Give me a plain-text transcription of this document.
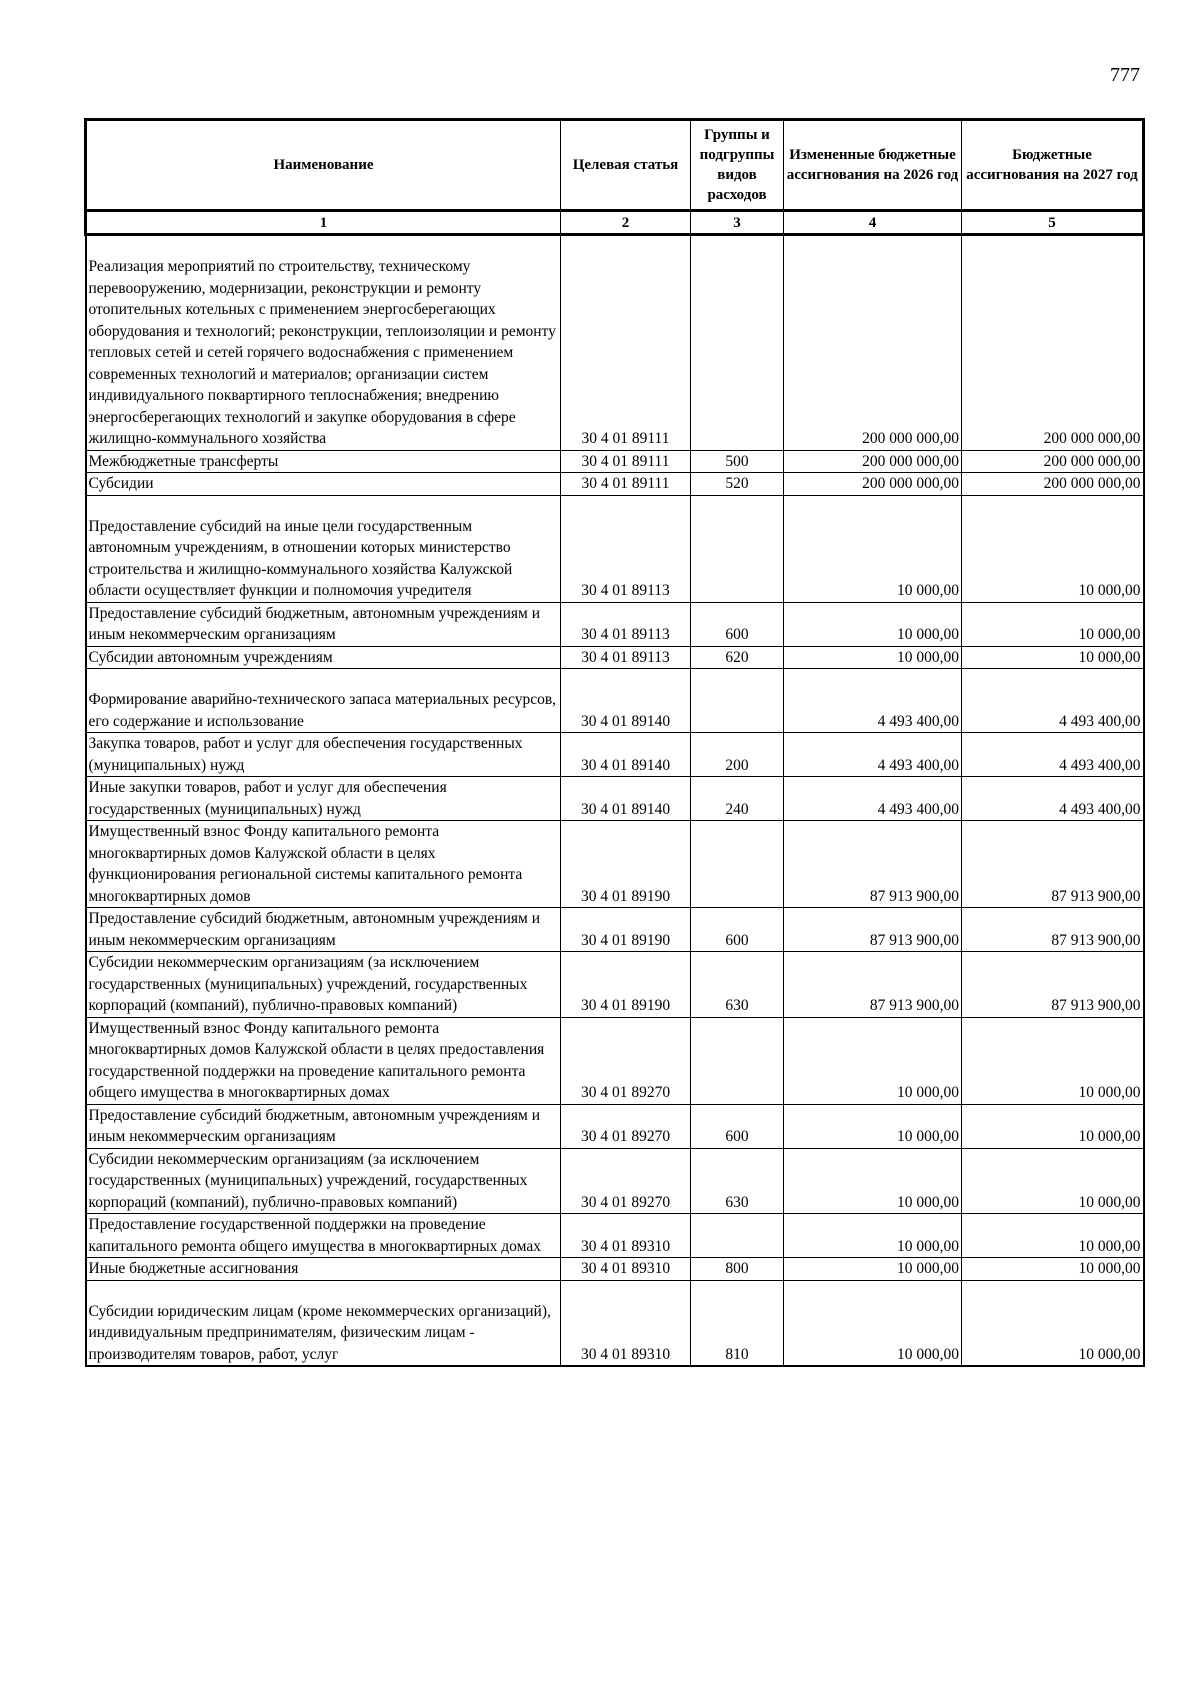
777
Наименование	Целевая статья	Группы и подгруппы видов расходов	Измененные бюджетные ассигнования на 2026 год	Бюджетные ассигнования на 2027 год
1	2	3	4	5
Реализация мероприятий по строительству, техническому перевооружению, модернизации, реконструкции и ремонту отопительных котельных с применением энергосберегающих оборудования и технологий; реконструкции, теплоизоляции и ремонту тепловых сетей и сетей горячего водоснабжения с применением современных технологий и материалов; организации систем индивидуального поквартирного теплоснабжения; внедрению энергосберегающих технологий и закупке оборудования в сфере жилищно-коммунального хозяйства	30 4 01 89111		200 000 000,00	200 000 000,00
Межбюджетные трансферты	30 4 01 89111	500	200 000 000,00	200 000 000,00
Субсидии	30 4 01 89111	520	200 000 000,00	200 000 000,00
Предоставление субсидий на иные цели государственным автономным учреждениям, в отношении которых министерство строительства и жилищно-коммунального хозяйства Калужской области осуществляет функции и полномочия учредителя	30 4 01 89113		10 000,00	10 000,00
Предоставление субсидий бюджетным, автономным учреждениям и иным некоммерческим организациям	30 4 01 89113	600	10 000,00	10 000,00
Субсидии автономным учреждениям	30 4 01 89113	620	10 000,00	10 000,00
Формирование аварийно-технического запаса материальных ресурсов, его содержание и использование	30 4 01 89140		4 493 400,00	4 493 400,00
Закупка товаров, работ и услуг для обеспечения государственных (муниципальных) нужд	30 4 01 89140	200	4 493 400,00	4 493 400,00
Иные закупки товаров, работ и услуг для обеспечения государственных (муниципальных) нужд	30 4 01 89140	240	4 493 400,00	4 493 400,00
Имущественный взнос Фонду капитального ремонта многоквартирных домов Калужской области в целях функционирования региональной системы капитального ремонта многоквартирных домов	30 4 01 89190		87 913 900,00	87 913 900,00
Предоставление субсидий бюджетным, автономным учреждениям и иным некоммерческим организациям	30 4 01 89190	600	87 913 900,00	87 913 900,00
Субсидии некоммерческим организациям (за исключением государственных (муниципальных) учреждений, государственных корпораций (компаний), публично-правовых компаний)	30 4 01 89190	630	87 913 900,00	87 913 900,00
Имущественный взнос Фонду капитального ремонта многоквартирных домов Калужской области в целях предоставления государственной поддержки на проведение капитального ремонта общего имущества в многоквартирных домах	30 4 01 89270		10 000,00	10 000,00
Предоставление субсидий бюджетным, автономным учреждениям и иным некоммерческим организациям	30 4 01 89270	600	10 000,00	10 000,00
Субсидии некоммерческим организациям (за исключением государственных (муниципальных) учреждений, государственных корпораций (компаний), публично-правовых компаний)	30 4 01 89270	630	10 000,00	10 000,00
Предоставление государственной поддержки на проведение капитального ремонта общего имущества в многоквартирных домах	30 4 01 89310		10 000,00	10 000,00
Иные бюджетные ассигнования	30 4 01 89310	800	10 000,00	10 000,00
Субсидии юридическим лицам (кроме некоммерческих организаций), индивидуальным предпринимателям, физическим лицам - производителям товаров, работ, услуг	30 4 01 89310	810	10 000,00	10 000,00
